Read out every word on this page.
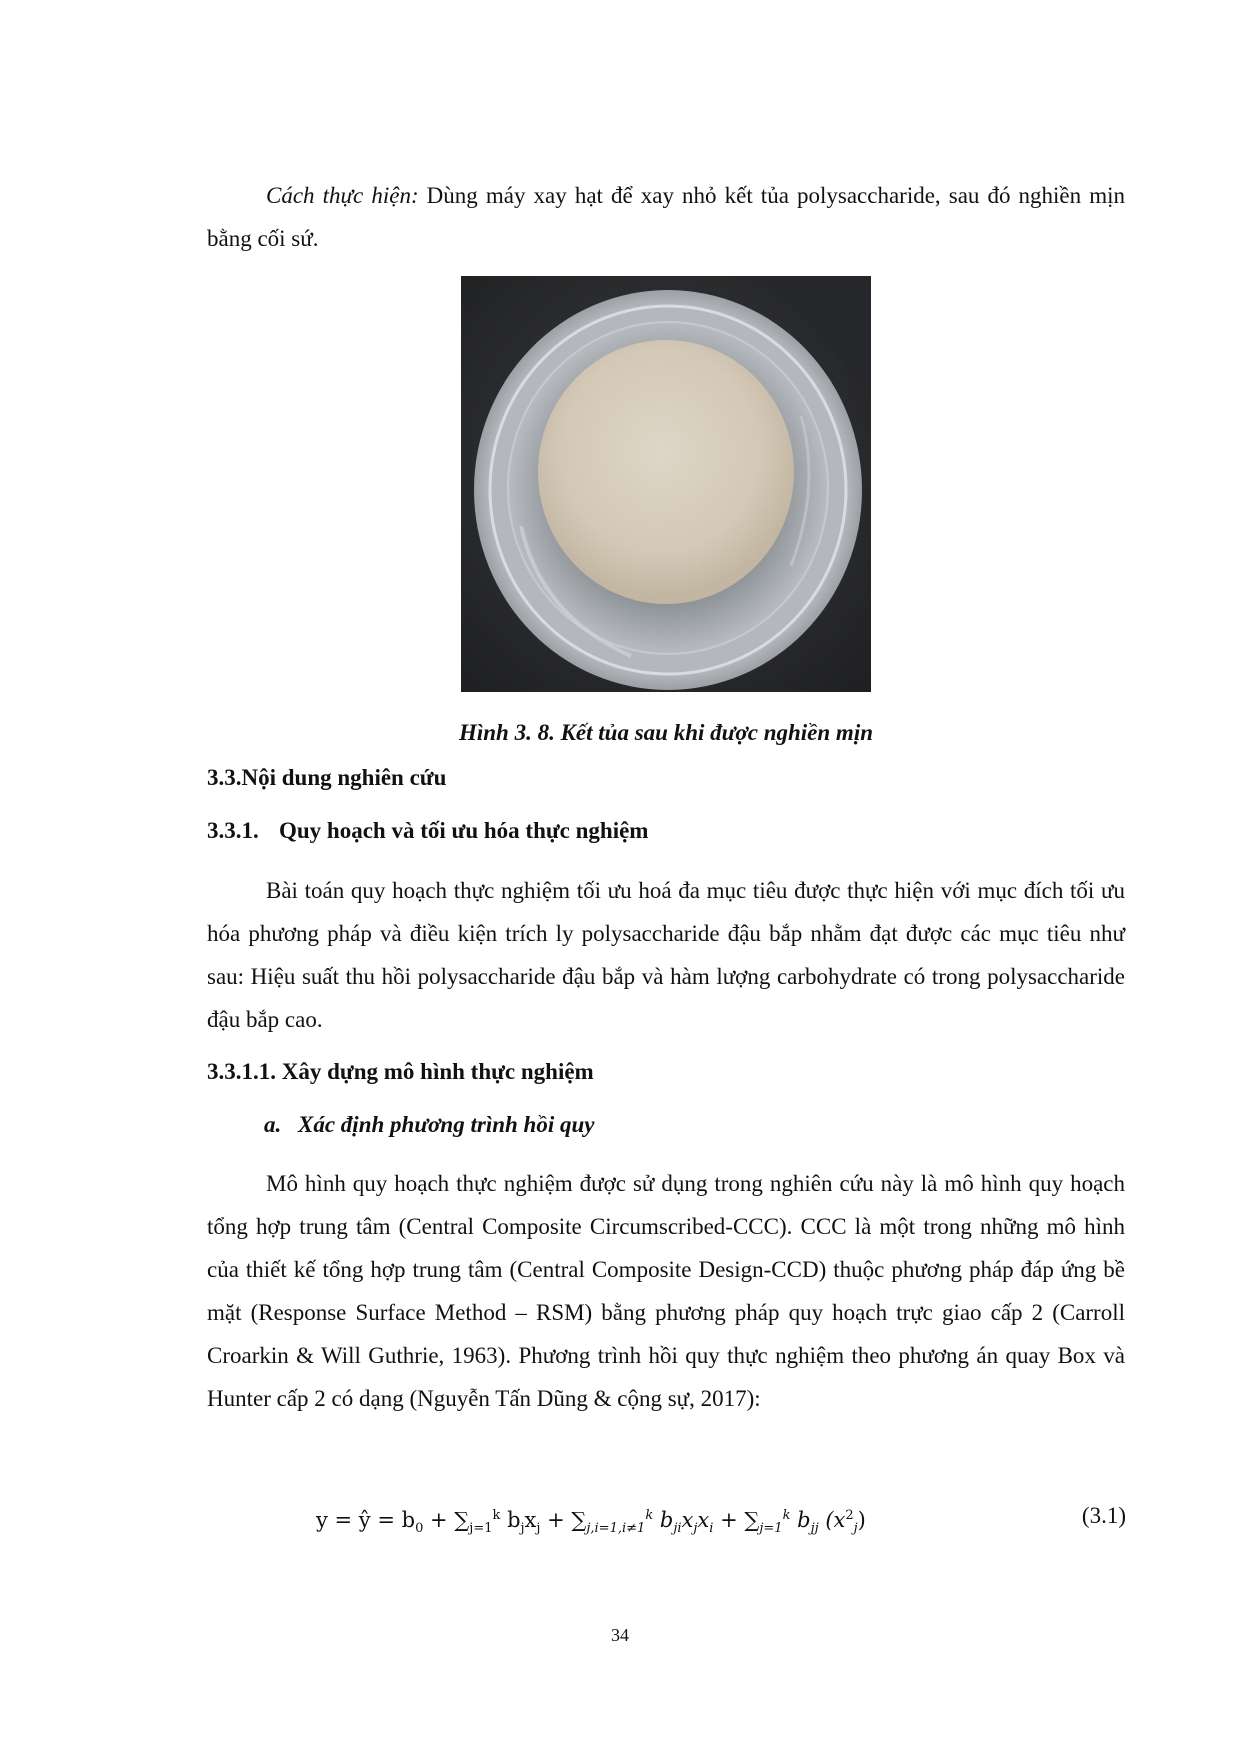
Cách thực hiện: Dùng máy xay hạt để xay nhỏ kết tủa polysaccharide, sau đó nghiền mịn bằng cối sứ.

Hình 3. 8. Kết tủa sau khi được nghiền mịn

3.3.Nội dung nghiên cứu

3.3.1. Quy hoạch và tối ưu hóa thực nghiệm

Bài toán quy hoạch thực nghiệm tối ưu hoá đa mục tiêu được thực hiện với mục đích tối ưu hóa phương pháp và điều kiện trích ly polysaccharide đậu bắp nhằm đạt được các mục tiêu như sau: Hiệu suất thu hồi polysaccharide đậu bắp và hàm lượng carbohydrate có trong polysaccharide đậu bắp cao.

3.3.1.1. Xây dựng mô hình thực nghiệm

a. Xác định phương trình hồi quy

Mô hình quy hoạch thực nghiệm được sử dụng trong nghiên cứu này là mô hình quy hoạch tổng hợp trung tâm (Central Composite Circumscribed-CCC). CCC là một trong những mô hình của thiết kế tổng hợp trung tâm (Central Composite Design-CCD) thuộc phương pháp đáp ứng bề mặt (Response Surface Method – RSM) bằng phương pháp quy hoạch trực giao cấp 2 (Carroll Croarkin & Will Guthrie, 1963). Phương trình hồi quy thực nghiệm theo phương án quay Box và Hunter cấp 2 có dạng (Nguyễn Tấn Dũng & cộng sự, 2017):

y = ŷ = $b_0 + \sum_{j=1}^k$ $b_jx_j + \sum_{j,i=1,i\ne 1}^k$ $b_{ji}x_jx_i + \sum_{j=1}^k$ $b_{jj}$ $(x^2_j)$	(3.1)
34
